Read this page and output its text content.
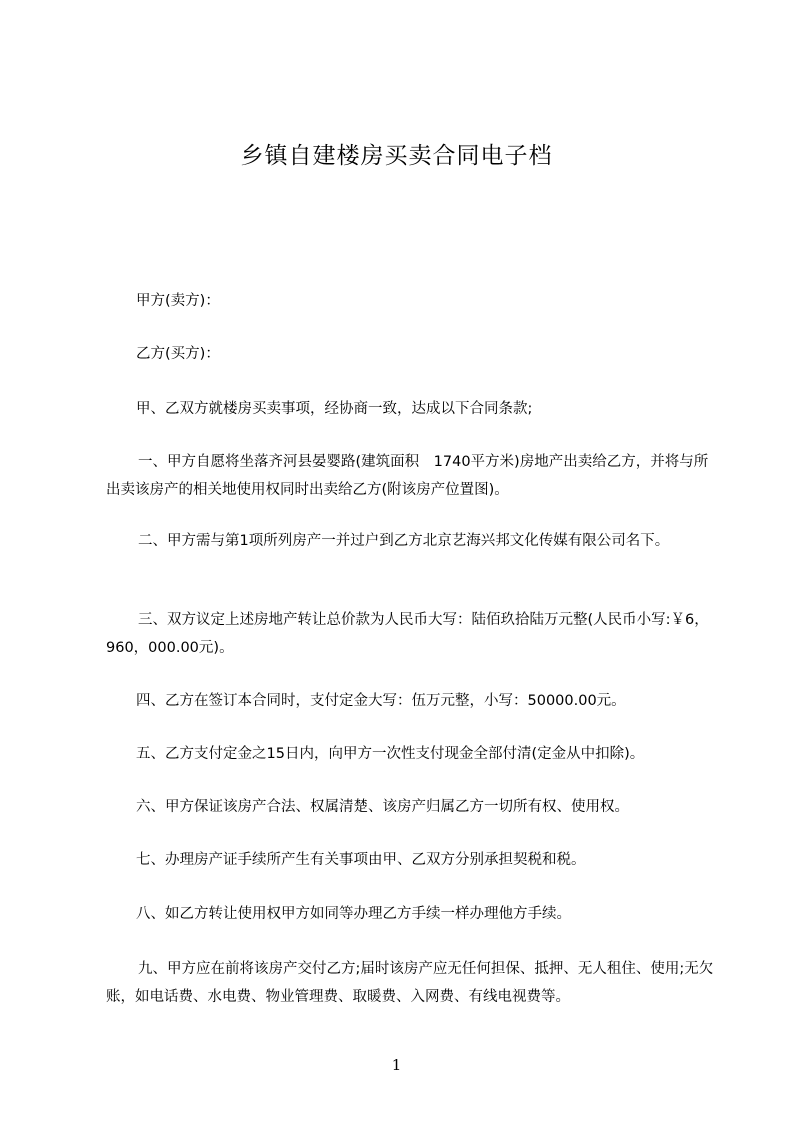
乡镇自建楼房买卖合同电子档

甲方(卖方)：

乙方(买方)：

甲、乙双方就楼房买卖事项，经协商一致，达成以下合同条款;

一、甲方自愿将坐落齐河县晏婴路(建筑面积　1740平方米)房地产出卖给乙方，并将与所出卖该房产的相关地使用权同时出卖给乙方(附该房产位置图)。

二、甲方需与第1项所列房产一并过户到乙方北京艺海兴邦文化传媒有限公司名下。

三、双方议定上述房地产转让总价款为人民币大写：陆佰玖拾陆万元整(人民币小写:￥6，960，000.00元)。

四、乙方在签订本合同时，支付定金大写：伍万元整，小写：50000.00元。

五、乙方支付定金之15日内，向甲方一次性支付现金全部付清(定金从中扣除)。

六、甲方保证该房产合法、权属清楚、该房产归属乙方一切所有权、使用权。

七、办理房产证手续所产生有关事项由甲、乙双方分别承担契税和税。

八、如乙方转让使用权甲方如同等办理乙方手续一样办理他方手续。

九、甲方应在前将该房产交付乙方;届时该房产应无任何担保、抵押、无人租住、使用;无欠账，如电话费、水电费、物业管理费、取暖费、入网费、有线电视费等。

1
